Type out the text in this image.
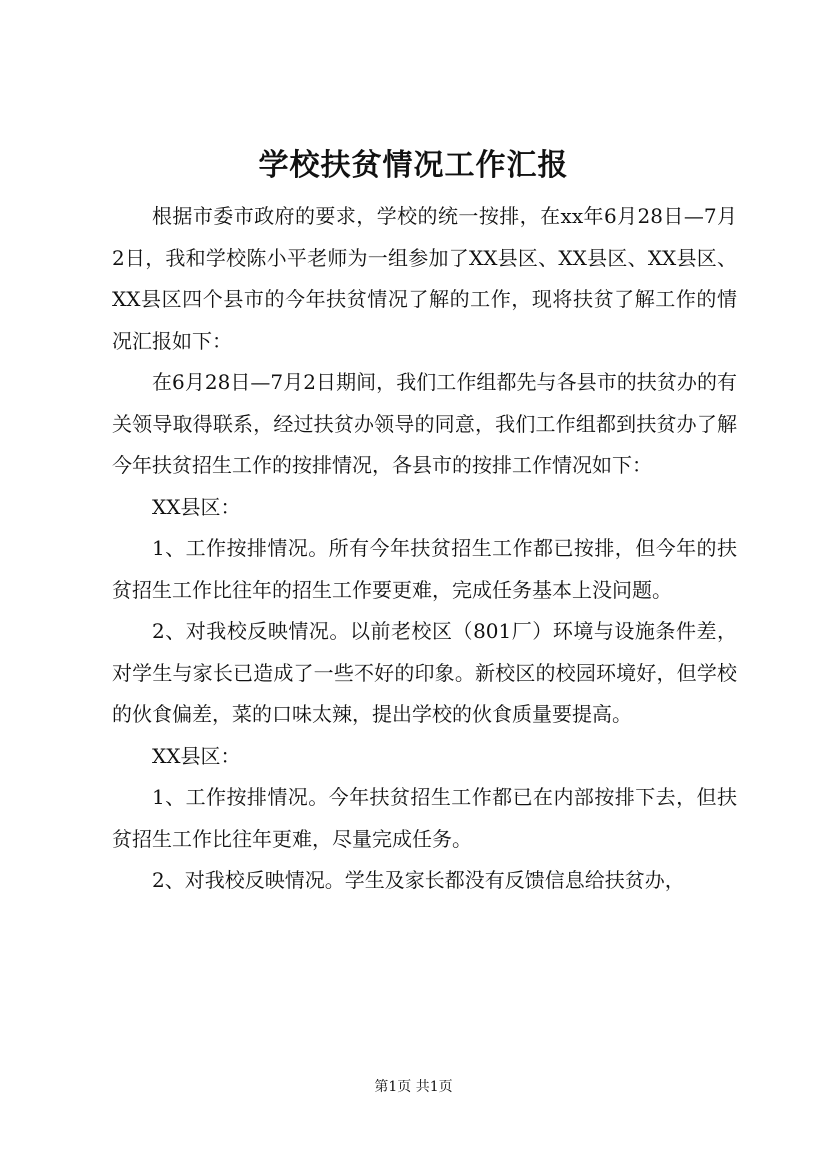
学校扶贫情况工作汇报

根据市委市政府的要求，学校的统一按排，在xx年6月28日—7月2日，我和学校陈小平老师为一组参加了XX县区、XX县区、XX县区、XX县区四个县市的今年扶贫情况了解的工作，现将扶贫了解工作的情况汇报如下：

在6月28日—7月2日期间，我们工作组都先与各县市的扶贫办的有关领导取得联系，经过扶贫办领导的同意，我们工作组都到扶贫办了解今年扶贫招生工作的按排情况，各县市的按排工作情况如下：

XX县区：

1、工作按排情况。所有今年扶贫招生工作都已按排，但今年的扶贫招生工作比往年的招生工作要更难，完成任务基本上没问题。

2、对我校反映情况。以前老校区（801厂）环境与设施条件差，对学生与家长已造成了一些不好的印象。新校区的校园环境好，但学校的伙食偏差，菜的口味太辣，提出学校的伙食质量要提高。

XX县区：

1、工作按排情况。今年扶贫招生工作都已在内部按排下去，但扶贫招生工作比往年更难，尽量完成任务。

2、对我校反映情况。学生及家长都没有反馈信息给扶贫办，

第1页 共1页
